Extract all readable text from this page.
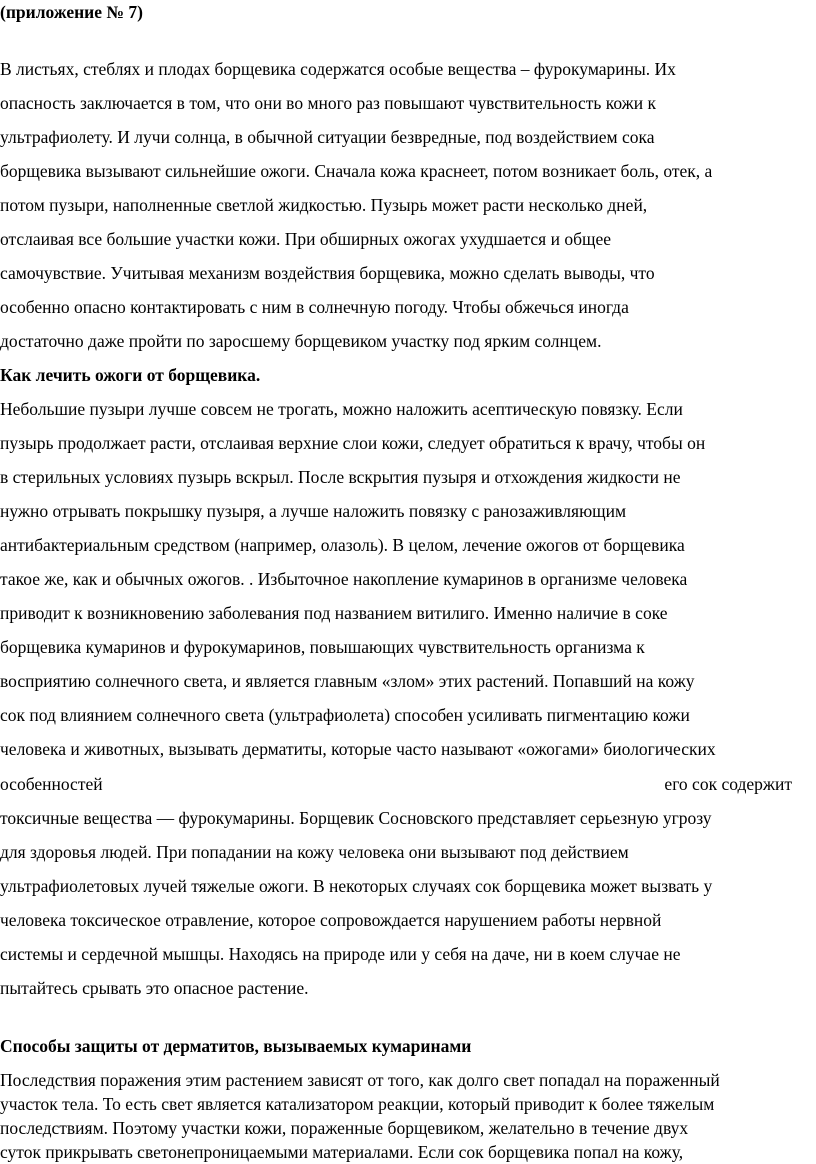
(приложение № 7)
В листьях, стеблях и плодах борщевика содержатся особые вещества – фурокумарины. Их
опасность заключается в том, что они во много раз повышают чувствительность кожи к
ультрафиолету. И лучи солнца, в обычной ситуации безвредные, под воздействием сока
борщевика вызывают сильнейшие ожоги. Сначала кожа краснеет, потом возникает боль, отек, а
потом пузыри, наполненные светлой жидкостью. Пузырь может расти несколько дней,
отслаивая все большие участки кожи. При обширных ожогах ухудшается и общее
самочувствие. Учитывая механизм воздействия борщевика, можно сделать выводы, что
особенно опасно контактировать с ним в солнечную погоду. Чтобы обжечься иногда
достаточно даже пройти по заросшему борщевиком участку под ярким солнцем.
Как лечить ожоги от борщевика.
Небольшие пузыри лучше совсем не трогать, можно наложить асептическую повязку. Если
пузырь продолжает расти, отслаивая верхние слои кожи, следует обратиться к врачу, чтобы он
в стерильных условиях пузырь вскрыл. После вскрытия пузыря и отхождения жидкости не
нужно отрывать покрышку пузыря, а лучше наложить повязку с ранозаживляющим
антибактериальным средством (например, олазоль). В целом, лечение ожогов от борщевика
такое же, как и обычных ожогов. . Избыточное накопление кумаринов в организме человека
приводит к возникновению заболевания под названием витилиго. Именно наличие в соке
борщевика кумаринов и фурокумаринов, повышающих чувствительность организма к
восприятию солнечного света, и является главным «злом» этих растений. Попавший на кожу
сок под влиянием солнечного света (ультрафиолета) способен усиливать пигментацию кожи
человека и животных, вызывать дерматиты, которые часто называют «ожогами» биологических
особенностей	его сок содержит
токсичные вещества — фурокумарины. Борщевик Сосновского представляет серьезную угрозу
для здоровья людей. При попадании на кожу человека они вызывают под действием
ультрафиолетовых лучей тяжелые ожоги. В некоторых случаях сок борщевика может вызвать у
человека токсическое отравление, которое сопровождается нарушением работы нервной
системы и сердечной мышцы. Находясь на природе или у себя на даче, ни в коем случае не
пытайтесь срывать это опасное растение.
Способы защиты от дерматитов, вызываемых кумаринами
Последствия поражения этим растением зависят от того, как долго свет попадал на пораженный
участок тела. То есть свет является катализатором реакции, который приводит к более тяжелым
последствиям. Поэтому участки кожи, пораженные борщевиком, желательно в течение двух
суток прикрывать светонепроницаемыми материалами. Если сок борщевика попал на кожу,
